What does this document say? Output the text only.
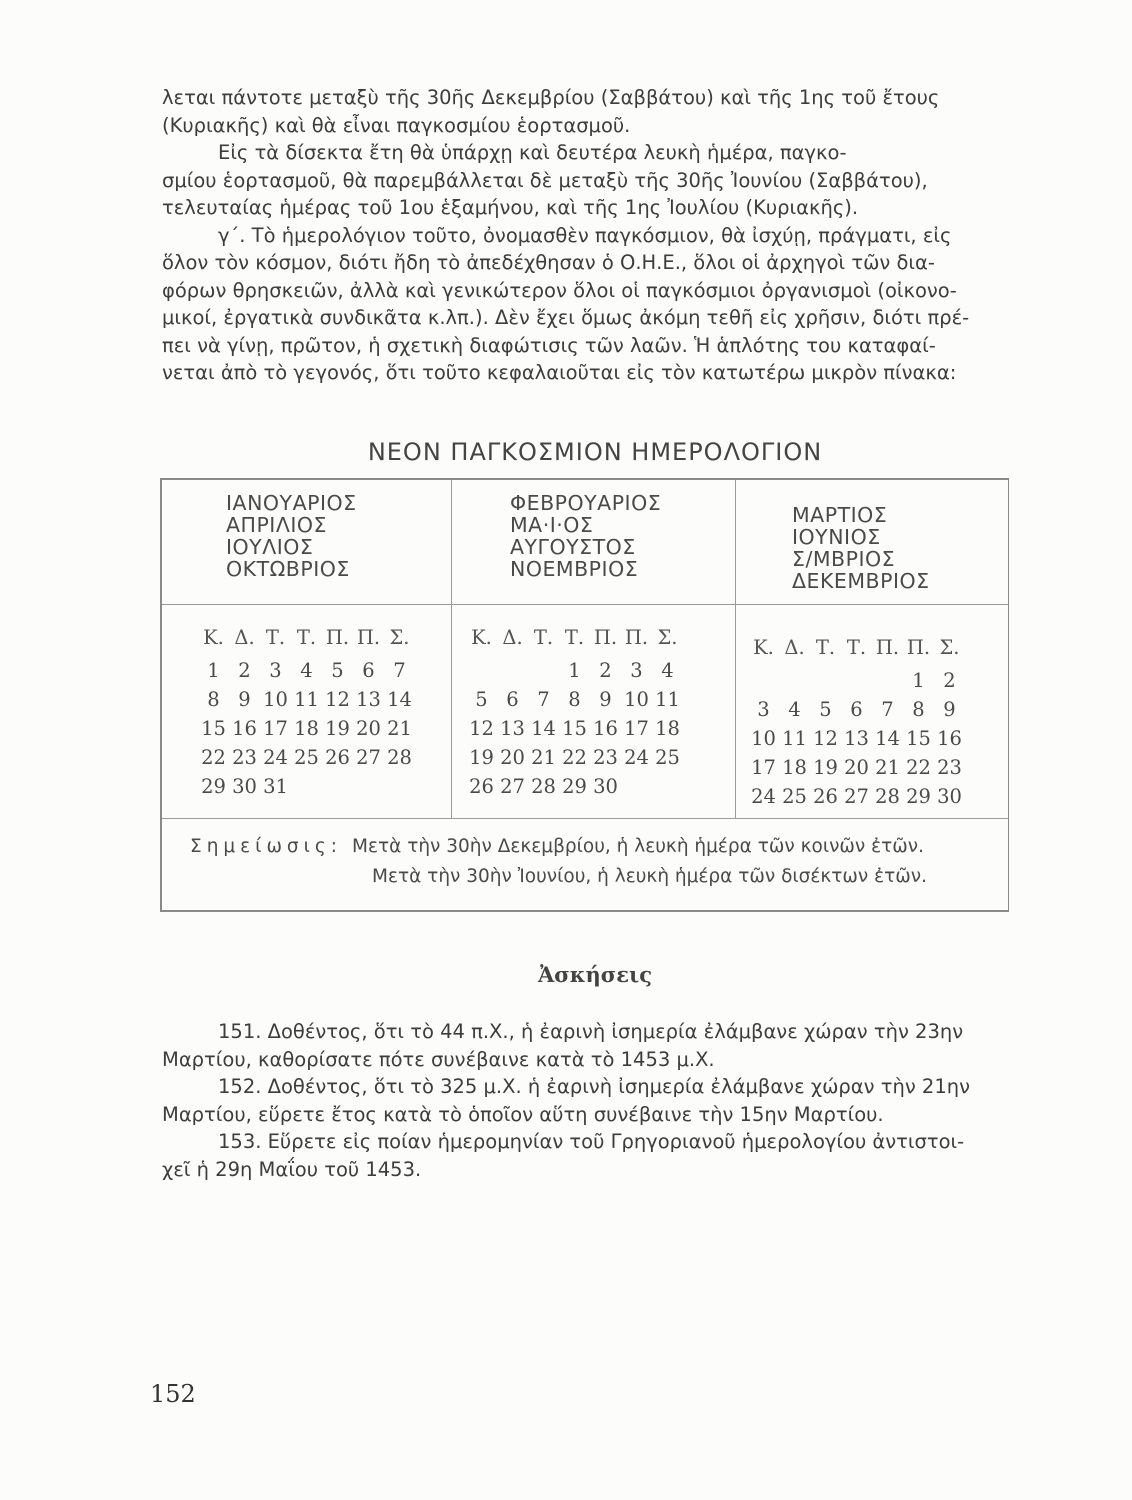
λεται πάντοτε μεταξὺ τῆς 30ῆς Δεκεμβρίου (Σαββάτου) καὶ τῆς 1ης τοῦ ἔτους
(Κυριακῆς) καὶ θὰ εἶναι παγκοσμίου ἑορτασμοῦ.
Εἰς τὰ δίσεκτα ἔτη θὰ ὑπάρχῃ καὶ δευτέρα λευκὴ ἡμέρα, παγκο-
σμίου ἑορτασμοῦ, θὰ παρεμβάλλεται δὲ μεταξὺ τῆς 30ῆς Ἰουνίου (Σαββάτου),
τελευταίας ἡμέρας τοῦ 1ου ἑξαμήνου, καὶ τῆς 1ης Ἰουλίου (Κυριακῆς).
γ΄. Τὸ ἡμερολόγιον τοῦτο, ὀνομασθὲν παγκόσμιον, θὰ ἰσχύῃ, πράγματι, εἰς
ὅλον τὸν κόσμον, διότι ἤδη τὸ ἀπεδέχθησαν ὁ Ο.Η.Ε., ὅλοι οἱ ἀρχηγοὶ τῶν δια-
φόρων θρησκειῶν, ἀλλὰ καὶ γενικώτερον ὅλοι οἱ παγκόσμιοι ὀργανισμοὶ (οἰκονο-
μικοί, ἐργατικὰ συνδικᾶτα κ.λπ.). Δὲν ἔχει ὅμως ἀκόμη τεθῆ εἰς χρῆσιν, διότι πρέ-
πει νὰ γίνῃ, πρῶτον, ἡ σχετικὴ διαφώτισις τῶν λαῶν. Ἡ ἁπλότης του καταφαί-
νεται ἀπὸ τὸ γεγονός, ὅτι τοῦτο κεφαλαιοῦται εἰς τὸν κατωτέρω μικρὸν πίνακα:
ΝΕΟΝ ΠΑΓΚΟΣΜΙΟΝ ΗΜΕΡΟΛΟΓΙΟΝ
ΙΑΝΟΥΑΡΙΟΣ
ΑΠΡΙΛΙΟΣ
ΙΟΥΛΙΟΣ
ΟΚΤΩΒΡΙΟΣ
Κ. Δ. Τ. Τ. Π. Π. Σ.
1 2 3 4 5 6 7
8 9 10 11 12 13 14
15 16 17 18 19 20 21
22 23 24 25 26 27 28
29 30 31
ΦΕΒΡΟΥΑΡΙΟΣ
ΜΑ·Ι·ΟΣ
ΑΥΓΟΥΣΤΟΣ
ΝΟΕΜΒΡΙΟΣ
Κ. Δ. Τ. Τ. Π. Π. Σ.
1 2 3 4
5 6 7 8 9 10 11
12 13 14 15 16 17 18
19 20 21 22 23 24 25
26 27 28 29 30
ΜΑΡΤΙΟΣ
ΙΟΥΝΙΟΣ
Σ/ΜΒΡΙΟΣ
ΔΕΚΕΜΒΡΙΟΣ
Κ. Δ. Τ. Τ. Π. Π. Σ.
1 2
3 4 5 6 7 8 9
10 11 12 13 14 15 16
17 18 19 20 21 22 23
24 25 26 27 28 29 30
Σημείωσις: Μετὰ τὴν 30ὴν Δεκεμβρίου, ἡ λευκὴ ἡμέρα τῶν κοινῶν ἐτῶν.
Μετὰ τὴν 30ὴν Ἰουνίου, ἡ λευκὴ ἡμέρα τῶν δισέκτων ἐτῶν.
Ἀσκήσεις
151. Δοθέντος, ὅτι τὸ 44 π.Χ., ἡ ἐαρινὴ ἰσημερία ἐλάμβανε χώραν τὴν 23ην
Μαρτίου, καθορίσατε πότε συνέβαινε κατὰ τὸ 1453 μ.Χ.
152. Δοθέντος, ὅτι τὸ 325 μ.Χ. ἡ ἐαρινὴ ἰσημερία ἐλάμβανε χώραν τὴν 21ην
Μαρτίου, εὕρετε ἔτος κατὰ τὸ ὁποῖον αὕτη συνέβαινε τὴν 15ην Μαρτίου.
153. Εὕρετε εἰς ποίαν ἡμερομηνίαν τοῦ Γρηγοριανοῦ ἡμερολογίου ἀντιστοι-
χεῖ ἡ 29η Μαΐου τοῦ 1453.
152
